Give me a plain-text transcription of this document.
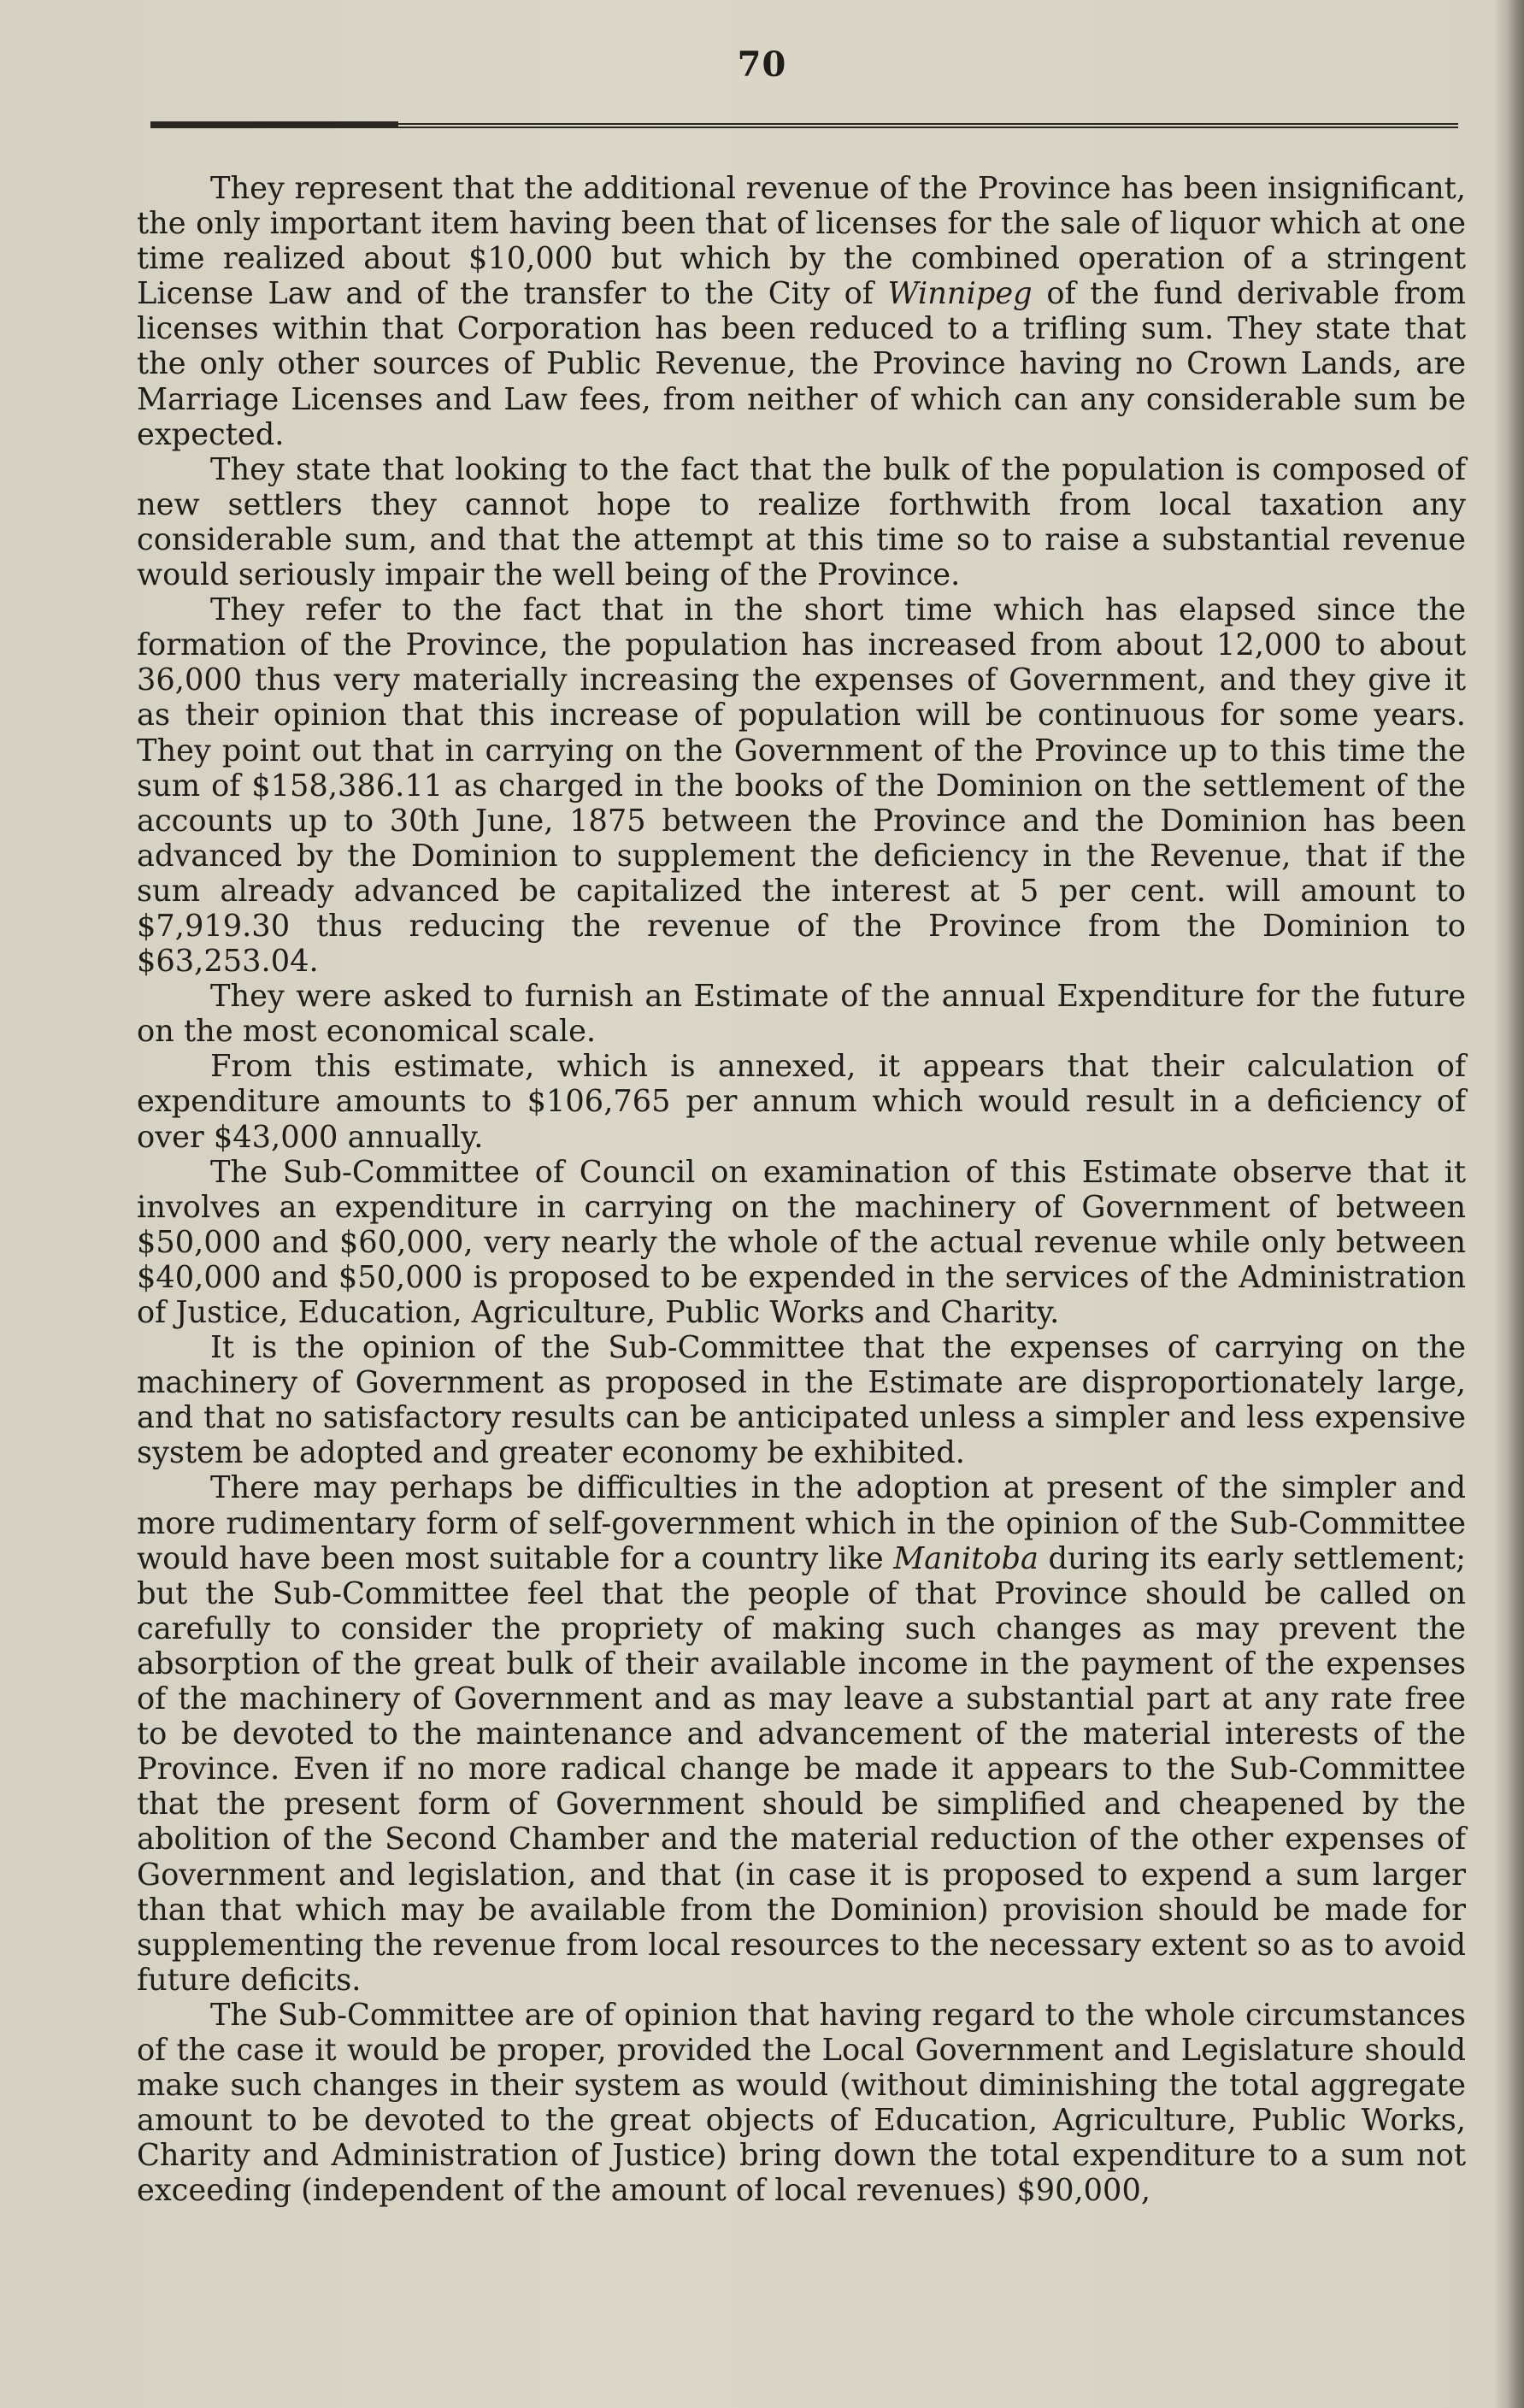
70

They represent that the additional revenue of the Province has been insignificant, the only important item having been that of licenses for the sale of liquor which at one time realized about $10,000 but which by the combined operation of a stringent License Law and of the transfer to the City of Winnipeg of the fund derivable from licenses within that Corporation has been reduced to a trifling sum. They state that the only other sources of Public Revenue, the Province having no Crown Lands, are Marriage Licenses and Law fees, from neither of which can any considerable sum be expected.

They state that looking to the fact that the bulk of the population is composed of new settlers they cannot hope to realize forthwith from local taxation any considerable sum, and that the attempt at this time so to raise a substantial revenue would seriously impair the well being of the Province.

They refer to the fact that in the short time which has elapsed since the formation of the Province, the population has increased from about 12,000 to about 36,000 thus very materially increasing the expenses of Government, and they give it as their opinion that this increase of population will be continuous for some years. They point out that in carrying on the Government of the Province up to this time the sum of $158,386.11 as charged in the books of the Dominion on the settlement of the accounts up to 30th June, 1875 between the Province and the Dominion has been advanced by the Dominion to supplement the deficiency in the Revenue, that if the sum already advanced be capitalized the interest at 5 per cent. will amount to $7,919.30 thus reducing the revenue of the Province from the Dominion to $63,253.04.

They were asked to furnish an Estimate of the annual Expenditure for the future on the most economical scale.

From this estimate, which is annexed, it appears that their calculation of expenditure amounts to $106,765 per annum which would result in a deficiency of over $43,000 annually.

The Sub-Committee of Council on examination of this Estimate observe that it involves an expenditure in carrying on the machinery of Government of between $50,000 and $60,000, very nearly the whole of the actual revenue while only between $40,000 and $50,000 is proposed to be expended in the services of the Administration of Justice, Education, Agriculture, Public Works and Charity.

It is the opinion of the Sub-Committee that the expenses of carrying on the machinery of Government as proposed in the Estimate are disproportionately large, and that no satisfactory results can be anticipated unless a simpler and less expensive system be adopted and greater economy be exhibited.

There may perhaps be difficulties in the adoption at present of the simpler and more rudimentary form of self-government which in the opinion of the Sub-Committee would have been most suitable for a country like Manitoba during its early settlement; but the Sub-Committee feel that the people of that Province should be called on carefully to consider the propriety of making such changes as may prevent the absorption of the great bulk of their available income in the payment of the expenses of the machinery of Government and as may leave a substantial part at any rate free to be devoted to the maintenance and advancement of the material interests of the Province. Even if no more radical change be made it appears to the Sub-Committee that the present form of Government should be simplified and cheapened by the abolition of the Second Chamber and the material reduction of the other expenses of Government and legislation, and that (in case it is proposed to expend a sum larger than that which may be available from the Dominion) provision should be made for supplementing the revenue from local resources to the necessary extent so as to avoid future deficits.

The Sub-Committee are of opinion that having regard to the whole circumstances of the case it would be proper, provided the Local Government and Legislature should make such changes in their system as would (without diminishing the total aggregate amount to be devoted to the great objects of Education, Agriculture, Public Works, Charity and Administration of Justice) bring down the total expenditure to a sum not exceeding (independent of the amount of local revenues) $90,000,
